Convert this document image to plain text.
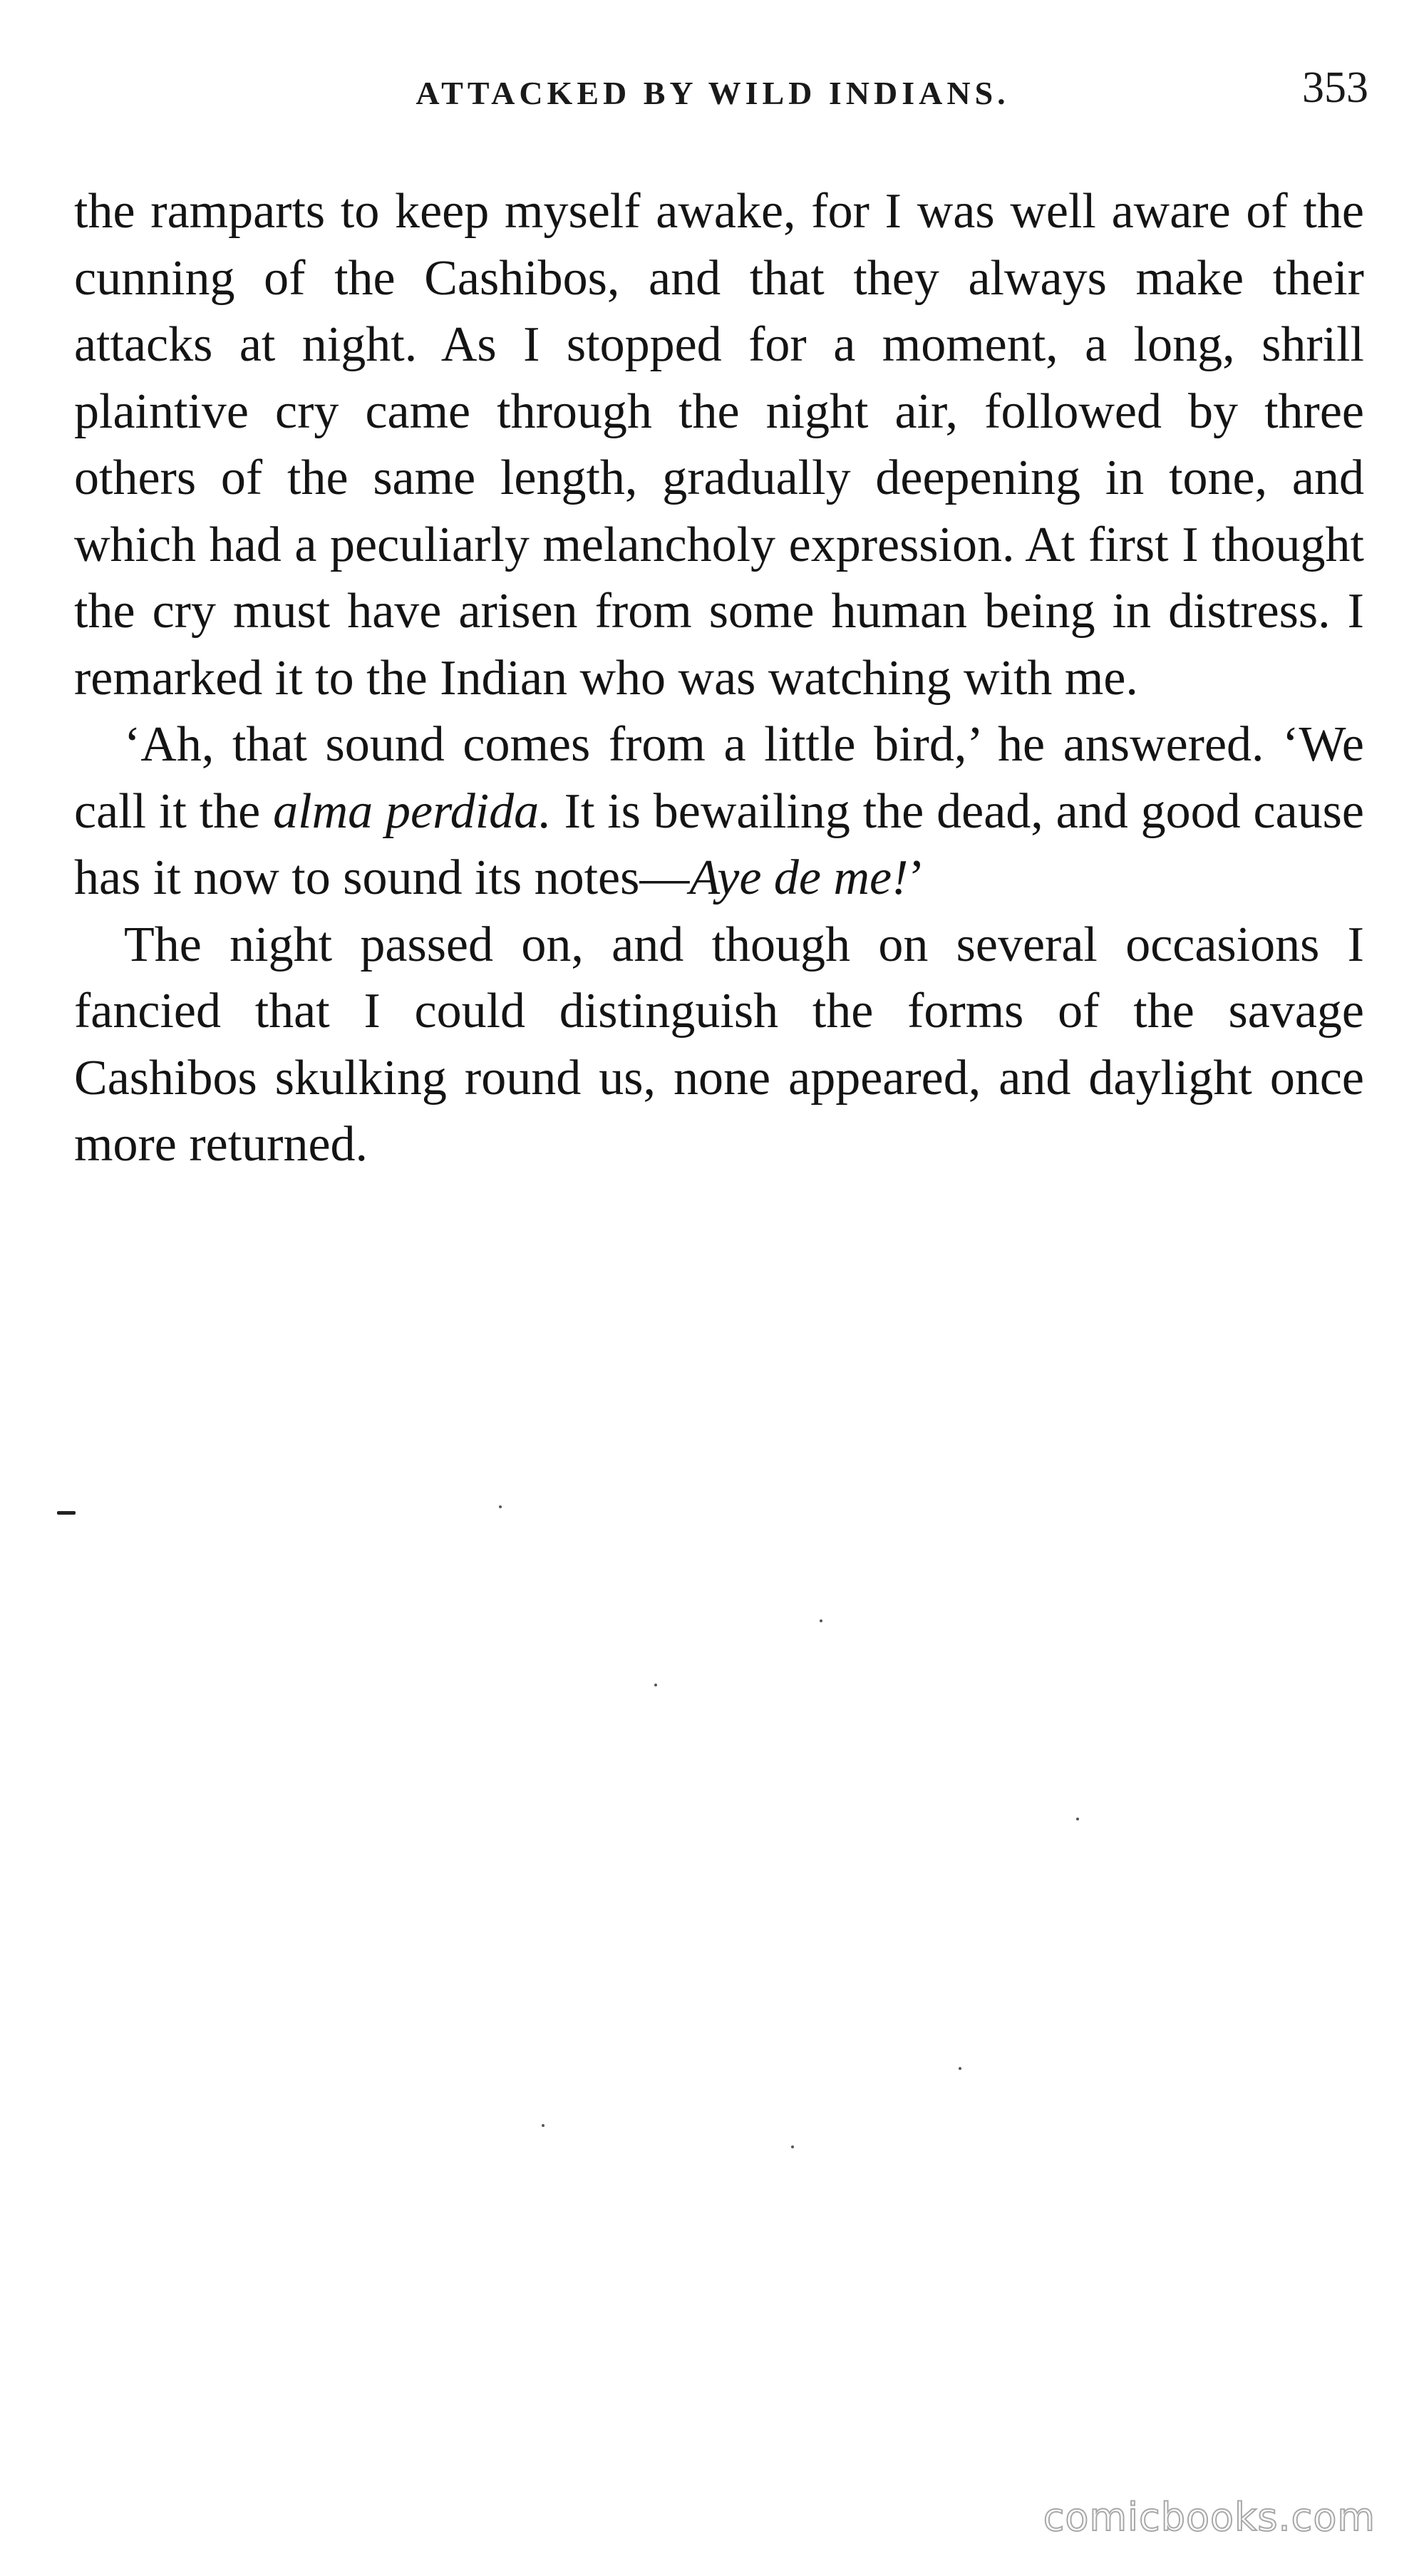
ATTACKED BY WILD INDIANS.	353

the ramparts to keep myself awake, for I was well aware of the cunning of the Cashibos, and that they always make their attacks at night. As I stopped for a moment, a long, shrill plaintive cry came through the night air, followed by three others of the same length, gradually deepening in tone, and which had a peculiarly melancholy expression. At first I thought the cry must have arisen from some human being in distress. I remarked it to the Indian who was watching with me.

‘Ah, that sound comes from a little bird,’ he answered. ‘We call it the alma perdida. It is bewailing the dead, and good cause has it now to sound its notes—Aye de me!’

The night passed on, and though on several occasions I fancied that I could distinguish the forms of the savage Cashibos skulking round us, none appeared, and daylight once more returned.

comicbooks.com
